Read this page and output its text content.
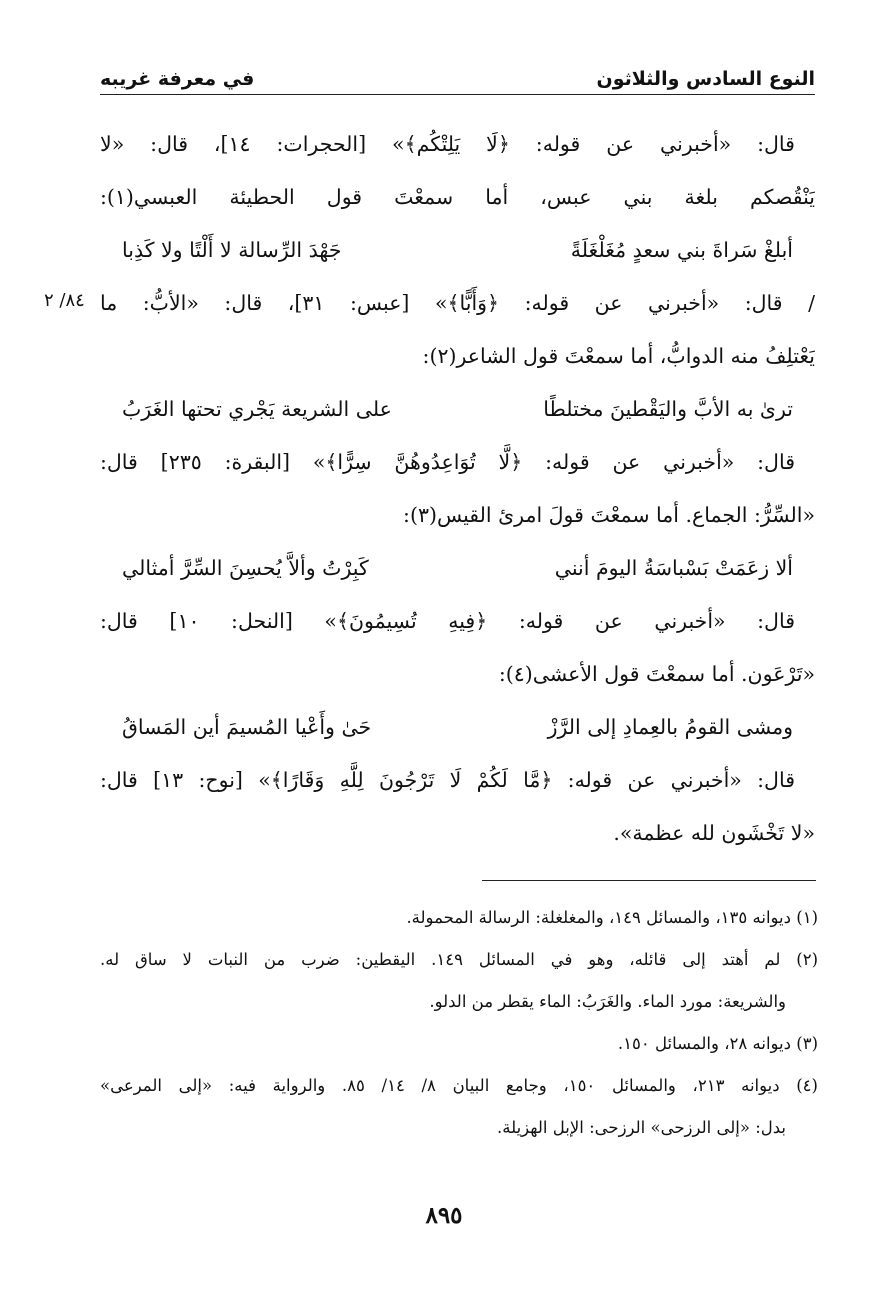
النوع السادس والثلاثون
في معرفة غريبه
٨٤/ ٢
قال: «أخبرني عن قوله: ﴿لَا يَلِتْكُم﴾» [الحجرات: ١٤]، قال: «لا
يَنْقُصكم بلغة بني عبس، أما سمعْتَ قول الحطيئة العبسي(١):
أبلغْ سَراةَ بني سعدٍ مُغَلْغَلَةً
جَهْدَ الرِّسالة لا أَلْتًا ولا كَذِبا
/ قال: «أخبرني عن قوله: ﴿وَأَبًّا﴾» [عبس: ٣١]، قال: «الأبُّ: ما
يَعْتلِفُ منه الدوابُّ، أما سمعْتَ قول الشاعر(٢):
ترىٰ به الأبَّ واليَقْطينَ مختلطًا
على الشريعة يَجْري تحتها الغَرَبُ
قال: «أخبرني عن قوله: ﴿لَّا تُوَاعِدُوهُنَّ سِرًّا﴾» [البقرة: ٢٣٥] قال:
«السِّرُّ: الجماع. أما سمعْتَ قولَ امرئ القيس(٣):
ألا زعَمَتْ بَسْباسَةُ اليومَ أنني
كَبِرْتُ وألاَّ يُحسِنَ السِّرَّ أمثالي
قال: «أخبرني عن قوله: ﴿فِيهِ تُسِيمُونَ﴾» [النحل: ١٠] قال:
«تَرْعَون. أما سمعْتَ قول الأعشى(٤):
ومشى القومُ بالعِمادِ إلى الرَّزْ
حَىٰ وأَعْيا المُسيمَ أين المَساقُ
قال: «أخبرني عن قوله: ﴿مَّا لَكُمْ لَا تَرْجُونَ لِلَّهِ وَقَارًا﴾» [نوح: ١٣] قال:
«لا تَخْشَون لله عظمة».
(١) ديوانه ١٣٥، والمسائل ١٤٩، والمغلغلة: الرسالة المحمولة.
(٢) لم أهتد إلى قائله، وهو في المسائل ١٤٩. اليقطين: ضرب من النبات لا ساق له.
والشريعة: مورد الماء. والغَرَبُ: الماء يقطر من الدلو.
(٣) ديوانه ٢٨، والمسائل ١٥٠.
(٤) ديوانه ٢١٣، والمسائل ١٥٠، وجامع البيان ٨/ ١٤/ ٨٥. والرواية فيه: «إلى المرعى»
بدل: «إلى الرزحى» الرزحى: الإبل الهزيلة.
٨٩٥
